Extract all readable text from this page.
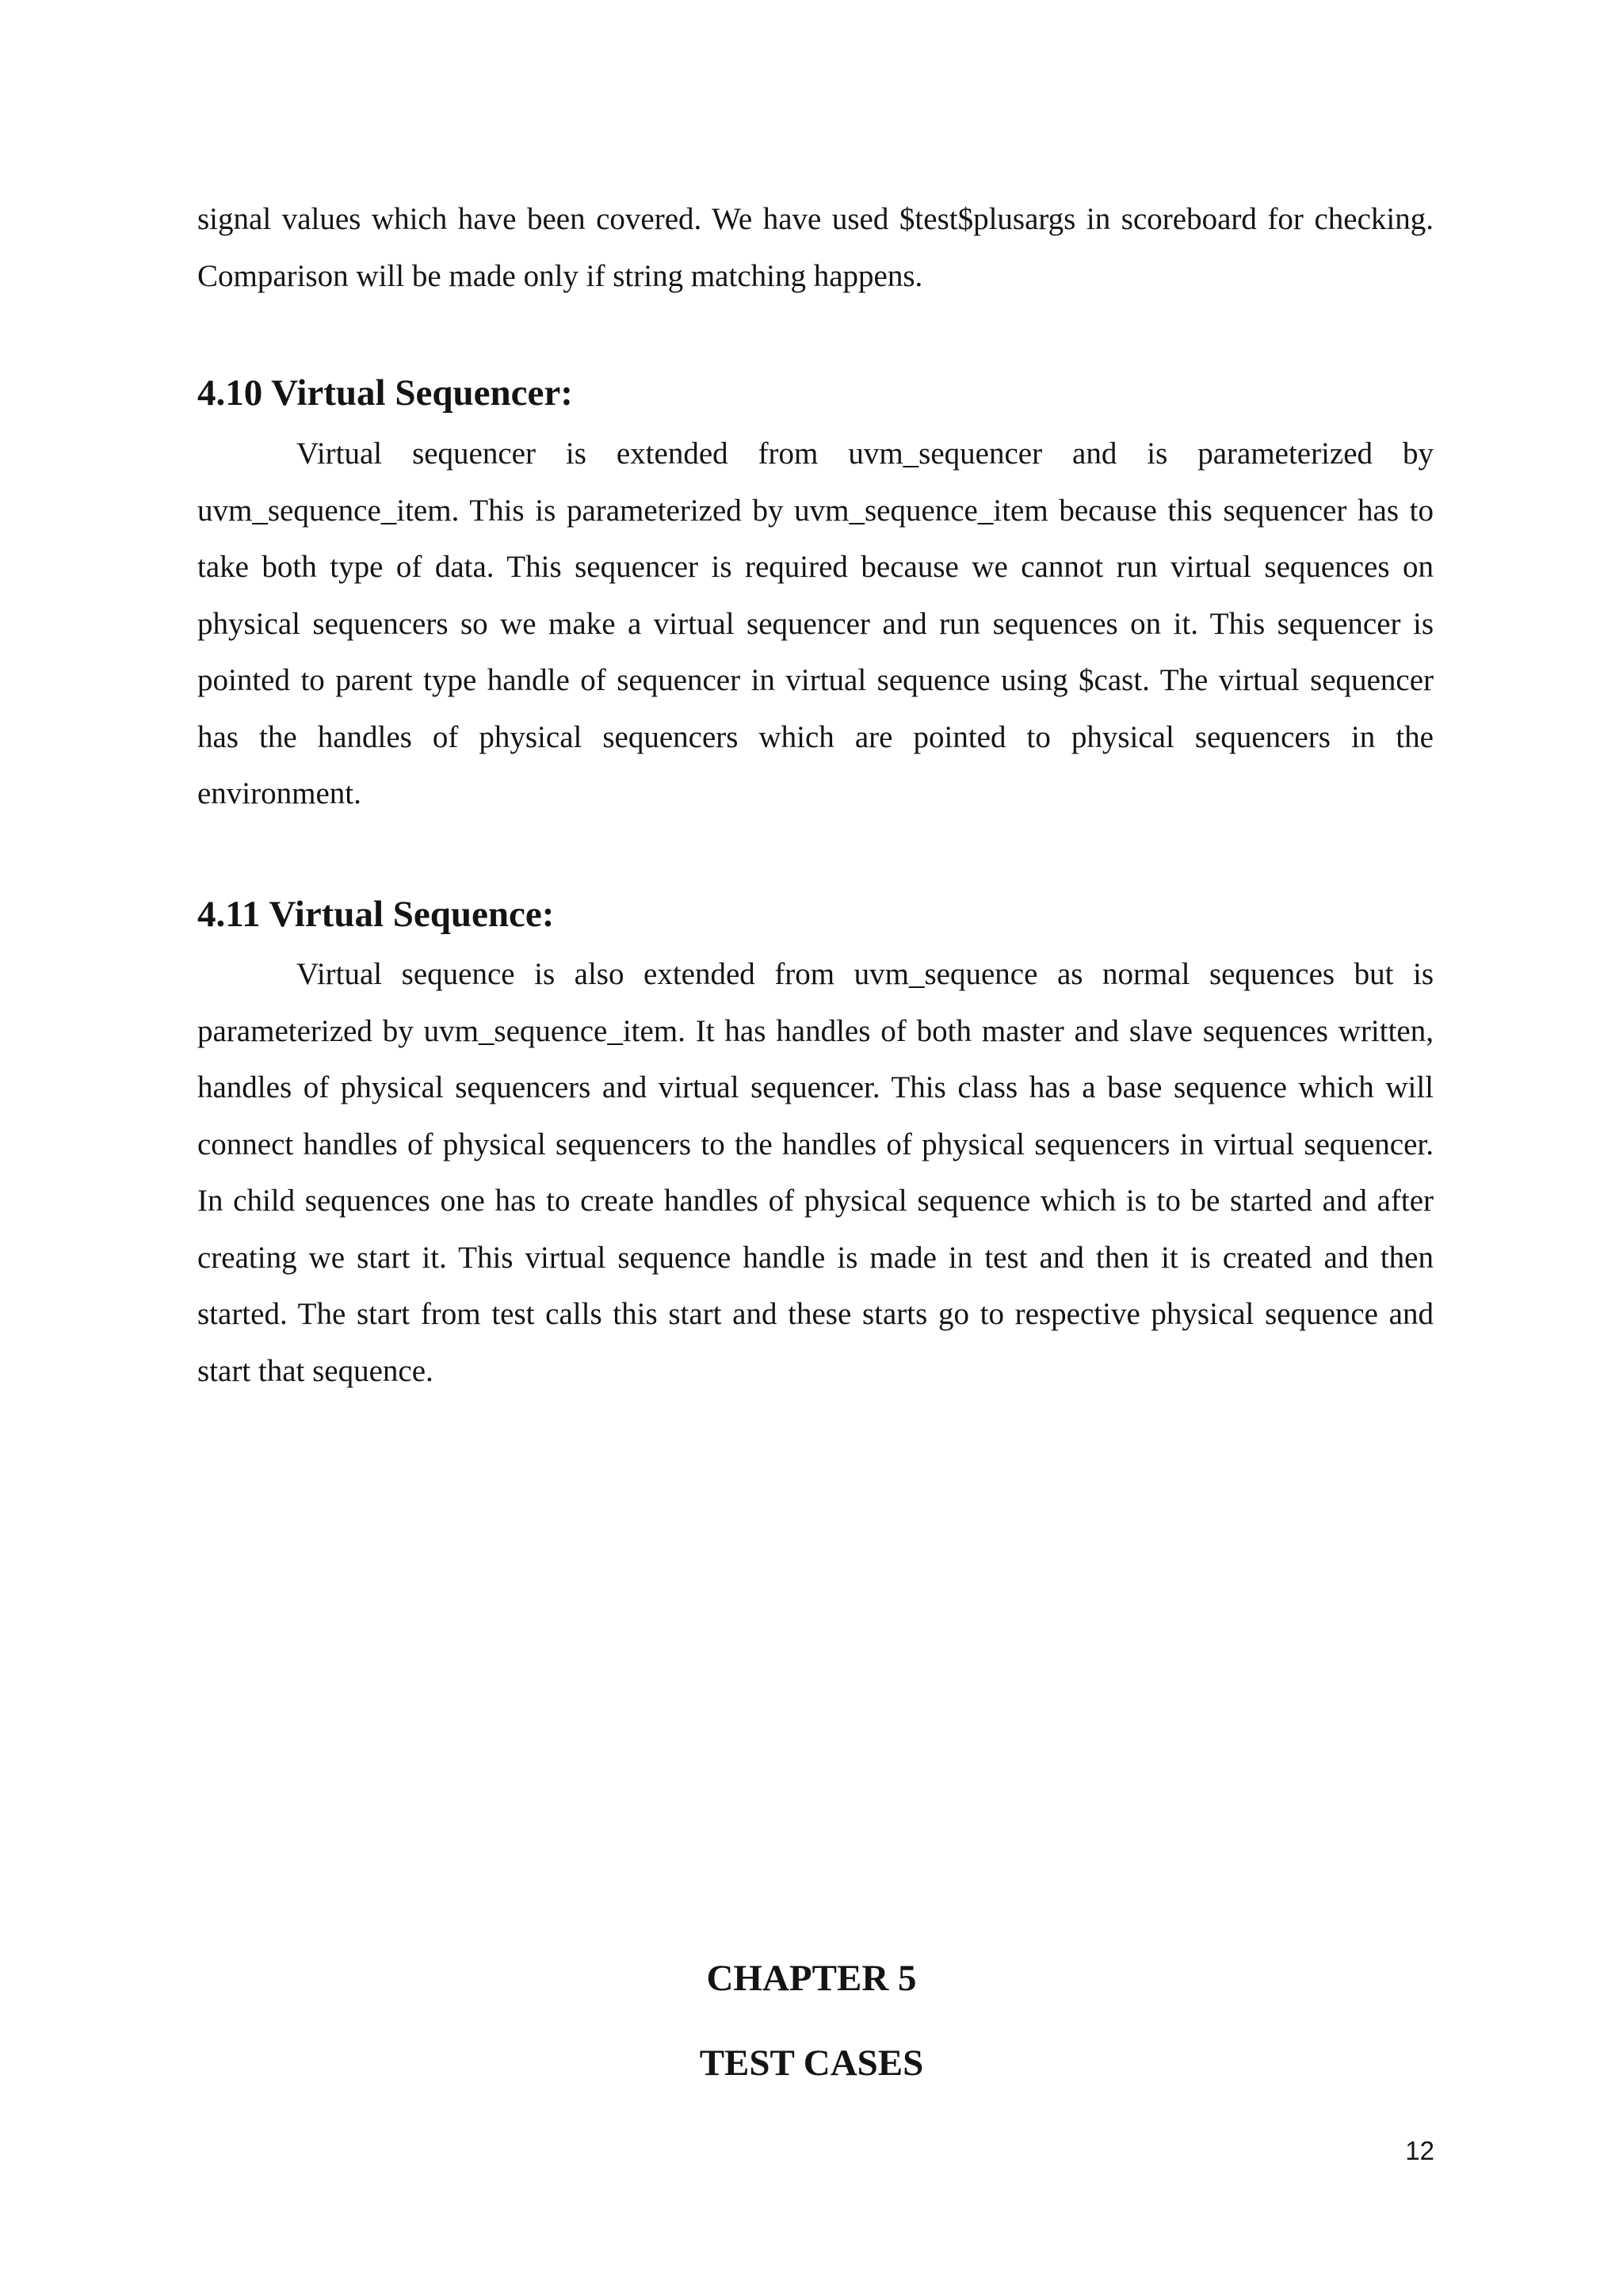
signal values which have been covered. We have used $test$plusargs in scoreboard for checking. Comparison will be made only if string matching happens.

4.10 Virtual Sequencer:

Virtual sequencer is extended from uvm_sequencer and is parameterized by uvm_sequence_item. This is parameterized by uvm_sequence_item because this sequencer has to take both type of data. This sequencer is required because we cannot run virtual sequences on physical sequencers so we make a virtual sequencer and run sequences on it. This sequencer is pointed to parent type handle of sequencer in virtual sequence using $cast. The virtual sequencer has the handles of physical sequencers which are pointed to physical sequencers in the environment.

4.11 Virtual Sequence:

Virtual sequence is also extended from uvm_sequence as normal sequences but is parameterized by uvm_sequence_item. It has handles of both master and slave sequences written, handles of physical sequencers and virtual sequencer. This class has a base sequence which will connect handles of physical sequencers to the handles of physical sequencers in virtual sequencer. In child sequences one has to create handles of physical sequence which is to be started and after creating we start it. This virtual sequence handle is made in test and then it is created and then started. The start from test calls this start and these starts go to respective physical sequence and start that sequence.

CHAPTER 5
TEST CASES
12
